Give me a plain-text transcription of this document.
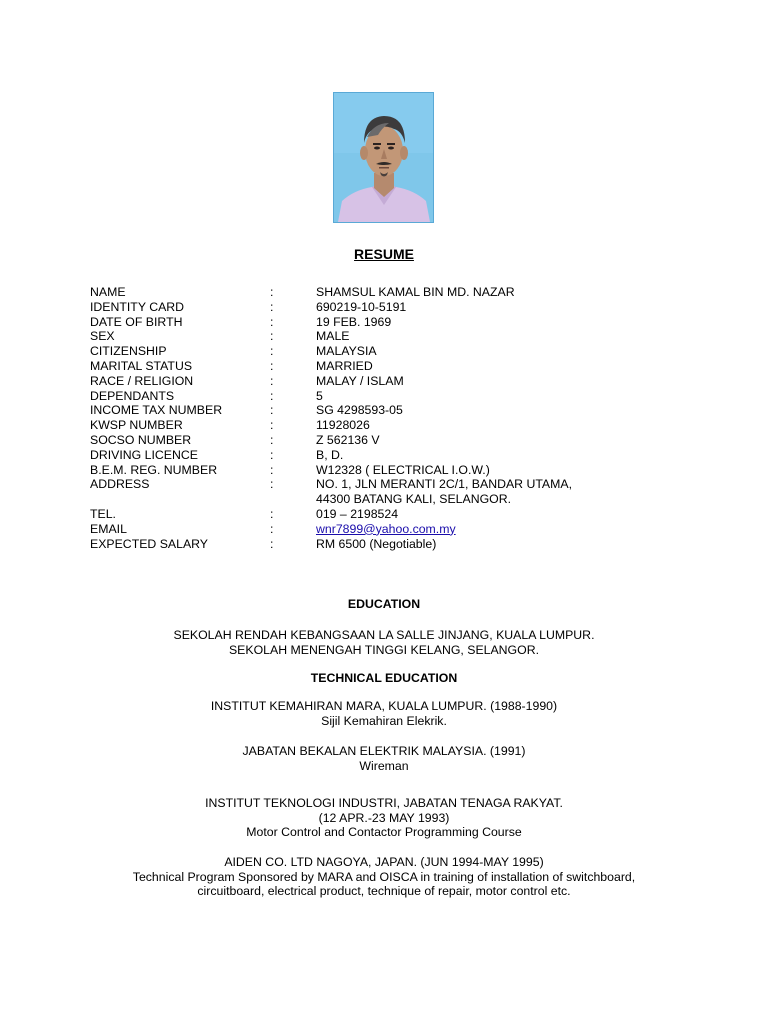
RESUME
NAME	:	SHAMSUL KAMAL BIN MD. NAZAR
IDENTITY CARD	:	690219-10-5191
DATE OF BIRTH	:	19 FEB. 1969
SEX	:	MALE
CITIZENSHIP	:	MALAYSIA
MARITAL STATUS	:	MARRIED
RACE / RELIGION	:	MALAY / ISLAM
DEPENDANTS	:	5
INCOME TAX NUMBER	:	SG 4298593-05
KWSP NUMBER	:	11928026
SOCSO NUMBER	:	Z 562136 V
DRIVING LICENCE	:	B, D.
B.E.M. REG. NUMBER	:	W12328 ( ELECTRICAL I.O.W.)
ADDRESS	:	NO. 1, JLN MERANTI 2C/1, BANDAR UTAMA,
44300 BATANG KALI, SELANGOR.
TEL.	:	019 – 2198524
EMAIL	:	wnr7899@yahoo.com.my
EXPECTED SALARY	:	RM 6500 (Negotiable)
EDUCATION
SEKOLAH RENDAH KEBANGSAAN LA SALLE JINJANG, KUALA LUMPUR.
SEKOLAH MENENGAH TINGGI KELANG, SELANGOR.
TECHNICAL EDUCATION
INSTITUT KEMAHIRAN MARA, KUALA LUMPUR. (1988-1990)
Sijil Kemahiran Elekrik.
JABATAN BEKALAN ELEKTRIK MALAYSIA. (1991)
Wireman
INSTITUT TEKNOLOGI INDUSTRI, JABATAN TENAGA RAKYAT.
(12 APR.-23 MAY 1993)
Motor Control and Contactor Programming Course
AIDEN CO. LTD NAGOYA, JAPAN. (JUN 1994-MAY 1995)
Technical Program Sponsored by MARA and OISCA in training of installation of switchboard,
circuitboard, electrical product, technique of repair, motor control etc.
